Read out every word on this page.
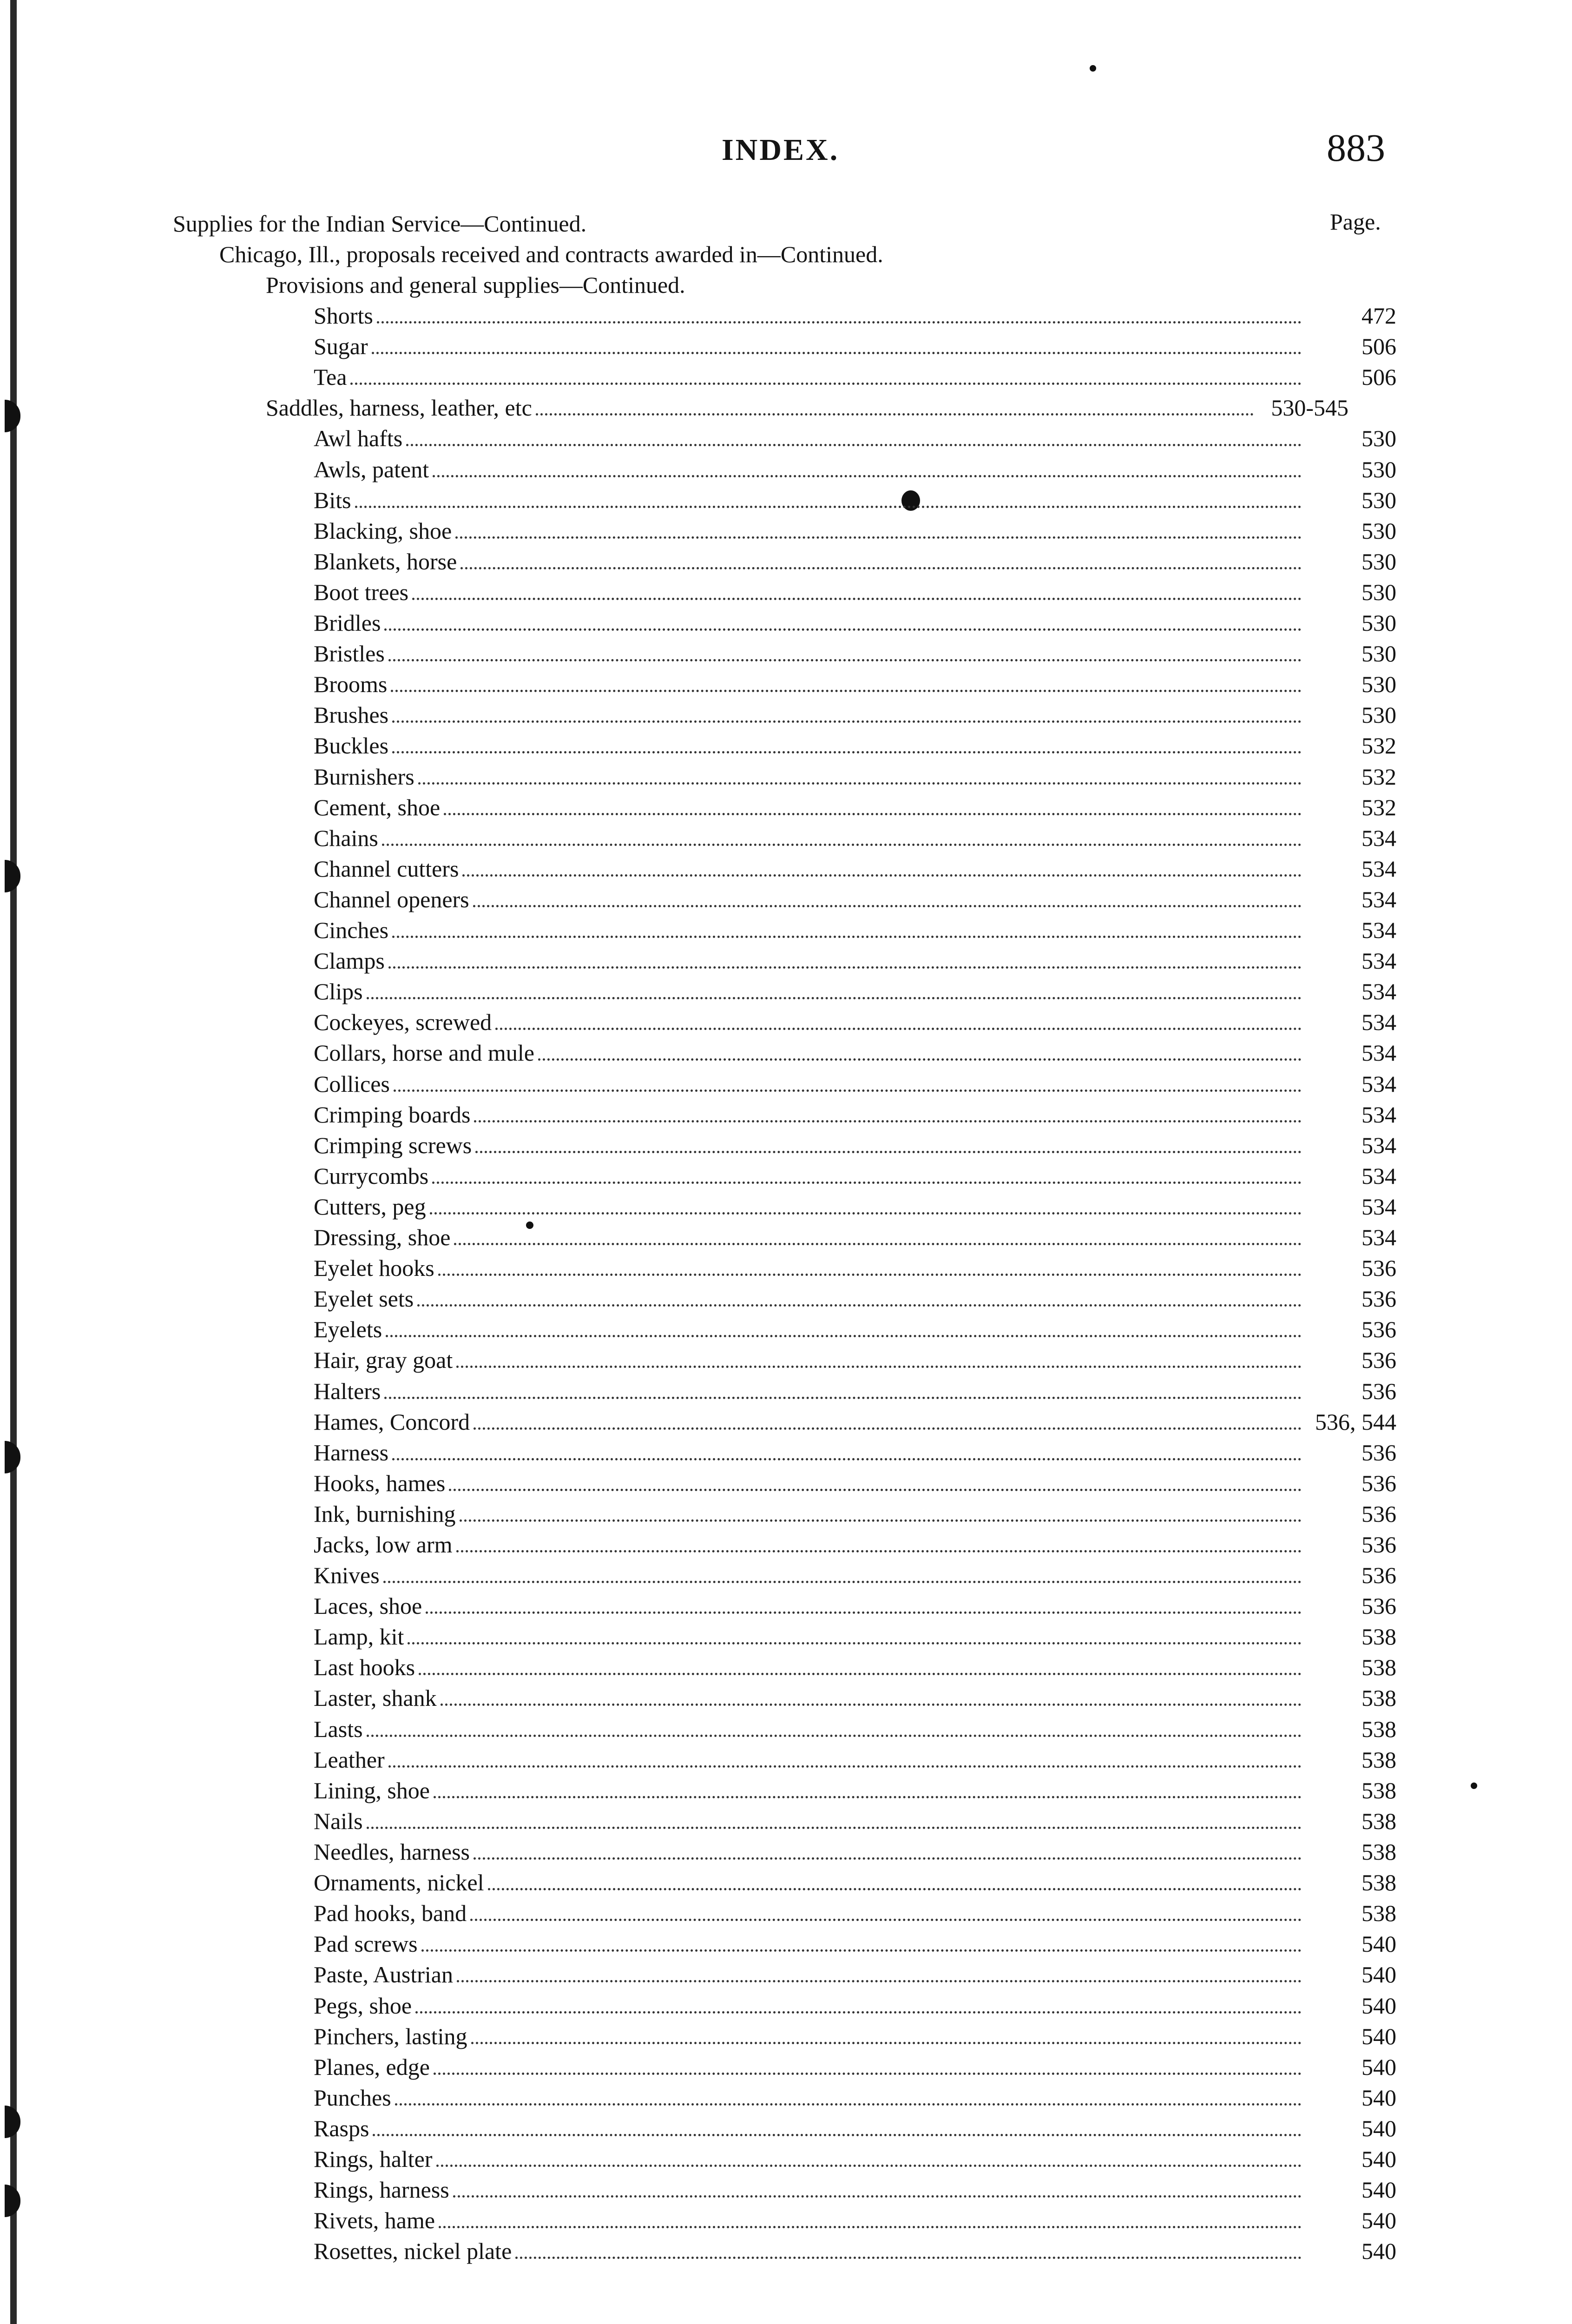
INDEX.	883
Supplies for the Indian Service—Continued.	Page.
Chicago, Ill., proposals received and contracts awarded in—Continued.
Provisions and general supplies—Continued.
Shorts	472
Sugar	506
Tea	506
Saddles, harness, leather, etc	530-545
Awl hafts	530
Awls, patent	530
Bits	530
Blacking, shoe	530
Blankets, horse	530
Boot trees	530
Bridles	530
Bristles	530
Brooms	530
Brushes	530
Buckles	532
Burnishers	532
Cement, shoe	532
Chains	534
Channel cutters	534
Channel openers	534
Cinches	534
Clamps	534
Clips	534
Cockeyes, screwed	534
Collars, horse and mule	534
Collices	534
Crimping boards	534
Crimping screws	534
Currycombs	534
Cutters, peg	534
Dressing, shoe	534
Eyelet hooks	536
Eyelet sets	536
Eyelets	536
Hair, gray goat	536
Halters	536
Hames, Concord	536, 544
Harness	536
Hooks, hames	536
Ink, burnishing	536
Jacks, low arm	536
Knives	536
Laces, shoe	536
Lamp, kit	538
Last hooks	538
Laster, shank	538
Lasts	538
Leather	538
Lining, shoe	538
Nails	538
Needles, harness	538
Ornaments, nickel	538
Pad hooks, band	538
Pad screws	540
Paste, Austrian	540
Pegs, shoe	540
Pinchers, lasting	540
Planes, edge	540
Punches	540
Rasps	540
Rings, halter	540
Rings, harness	540
Rivets, hame	540
Rosettes, nickel plate	540
